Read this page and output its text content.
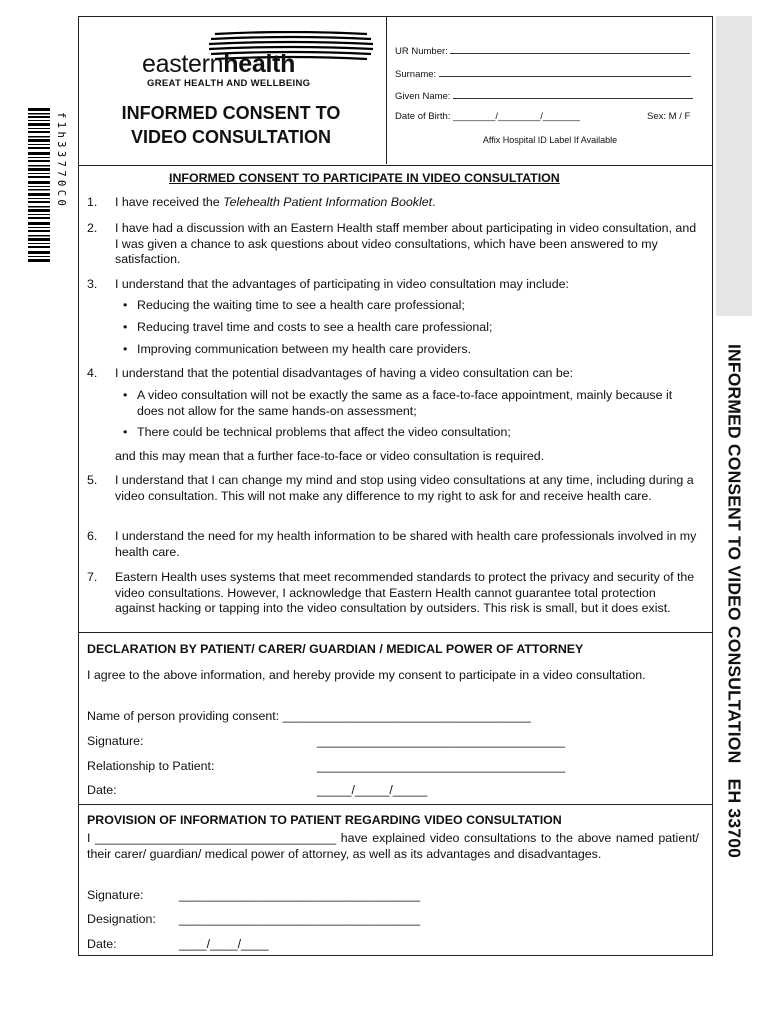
f1h33770C0
easternhealth
GREAT HEALTH AND WELLBEING
INFORMED CONSENT TO
VIDEO CONSULTATION
UR Number:
Surname:
Given Name:
Date of Birth: ________/________/_______	Sex: M / F
Affix Hospital ID Label If Available
INFORMED CONSENT TO PARTICIPATE IN VIDEO CONSULTATION
1. I have received the Telehealth Patient Information Booklet.
2. I have had a discussion with an Eastern Health staff member about participating in video consultation, and I was given a chance to ask questions about video consultations, which have been answered to my satisfaction.
3. I understand that the advantages of participating in video consultation may include:
• Reducing the waiting time to see a health care professional;
• Reducing travel time and costs to see a health care professional;
• Improving communication between my health care providers.
4. I understand that the potential disadvantages of having a video consultation can be:
• A video consultation will not be exactly the same as a face-to-face appointment, mainly because it does not allow for the same hands-on assessment;
• There could be technical problems that affect the video consultation;
and this may mean that a further face-to-face or video consultation is required.
5. I understand that I can change my mind and stop using video consultations at any time, including during a video consultation. This will not make any difference to my right to ask for and receive health care.
6. I understand the need for my health information to be shared with health care professionals involved in my health care.
7. Eastern Health uses systems that meet recommended standards to protect the privacy and security of the video consultations. However, I acknowledge that Eastern Health cannot guarantee total protection against hacking or tapping into the video consultation by outsiders. This risk is small, but it does exist.
DECLARATION BY PATIENT/ CARER/ GUARDIAN / MEDICAL POWER OF ATTORNEY
I agree to the above information, and hereby provide my consent to participate in a video consultation.
Name of person providing consent: ____________________________________
Signature:	____________________________________
Relationship to Patient:	____________________________________
Date:	_____/_____/_____
PROVISION OF INFORMATION TO PATIENT REGARDING VIDEO CONSULTATION
I ___________________________________ have explained video consultations to the above named patient/ their carer/ guardian/ medical power of attorney, as well as its advantages and disadvantages.
Signature:	___________________________________
Designation: ___________________________________
Date:	____/____/____
INFORMED CONSENT TO VIDEO CONSULTATION   EH 33700
